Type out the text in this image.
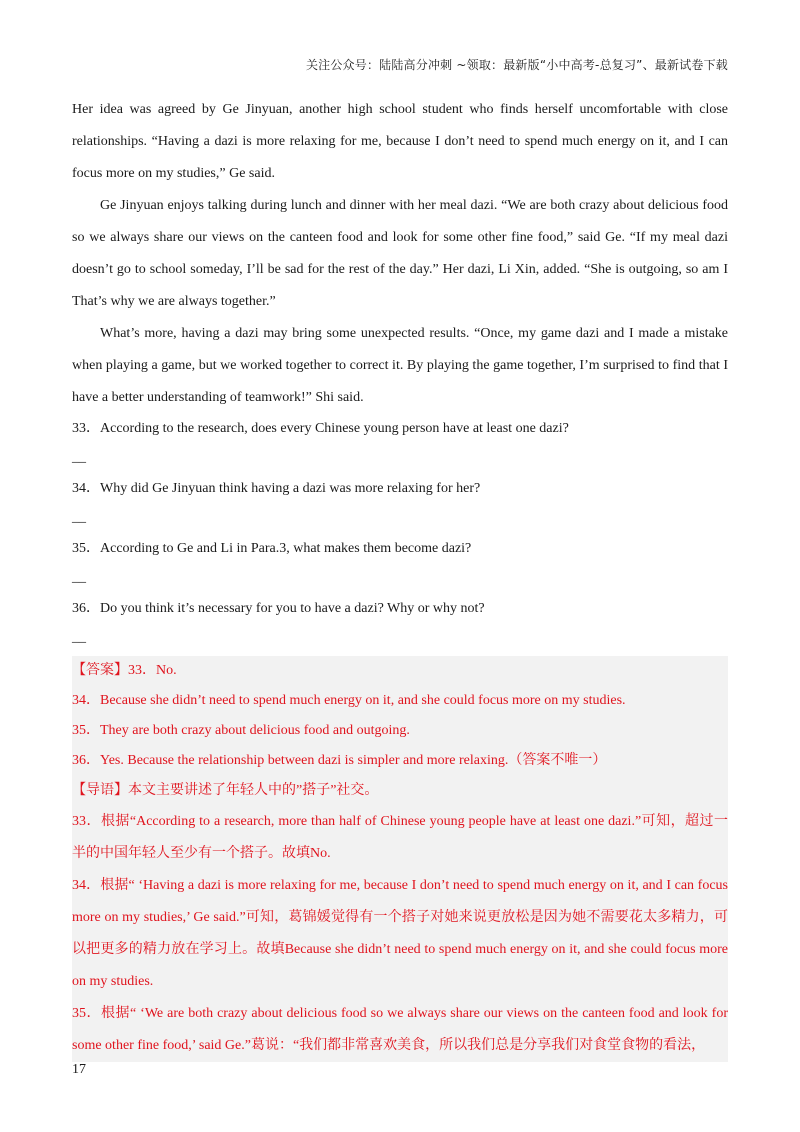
关注公众号：陆陆高分冲刺 ~领取：最新版“小中高考-总复习”、最新试卷下载

Her idea was agreed by Ge Jinyuan, another high school student who finds herself uncomfortable with close relationships. “Having a dazi is more relaxing for me, because I don’t need to spend much energy on it, and I can focus more on my studies,” Ge said.

Ge Jinyuan enjoys talking during lunch and dinner with her meal dazi. “We are both crazy about delicious food so we always share our views on the canteen food and look for some other fine food,” said Ge. “If my meal dazi doesn’t go to school someday, I’ll be sad for the rest of the day.” Her dazi, Li Xin, added. “She is outgoing, so am I That’s why we are always together.”

What’s more, having a dazi may bring some unexpected results. “Once, my game dazi and I made a mistake when playing a game, but we worked together to correct it. By playing the game together, I’m surprised to find that I have a better understanding of teamwork!” Shi said.

33．According to the research, does every Chinese young person have at least one dazi?

__

34．Why did Ge Jinyuan think having a dazi was more relaxing for her?

__

35．According to Ge and Li in Para.3, what makes them become dazi?

__

36．Do you think it’s necessary for you to have a dazi? Why or why not?

__

【答案】33．No.

34．Because she didn’t need to spend much energy on it, and she could focus more on my studies.

35．They are both crazy about delicious food and outgoing.

36．Yes. Because the relationship between dazi is simpler and more relaxing.（答案不唯一）

【导语】本文主要讲述了年轻人中的”搭子”社交。

33．根据“According to a research, more than half of Chinese young people have at least one dazi.”可知，超过一半的中国年轻人至少有一个搭子。故填No.

34．根据“ ‘Having a dazi is more relaxing for me, because I don’t need to spend much energy on it, and I can focus more on my studies,’ Ge said.”可知，葛锦媛觉得有一个搭子对她来说更放松是因为她不需要花太多精力，可以把更多的精力放在学习上。故填Because she didn’t need to spend much energy on it, and she could focus more on my studies.

35．根据“ ‘We are both crazy about delicious food so we always share our views on the canteen food and look for some other fine food,’ said Ge.”葛说：“我们都非常喜欢美食，所以我们总是分享我们对食堂食物的看法，

17
